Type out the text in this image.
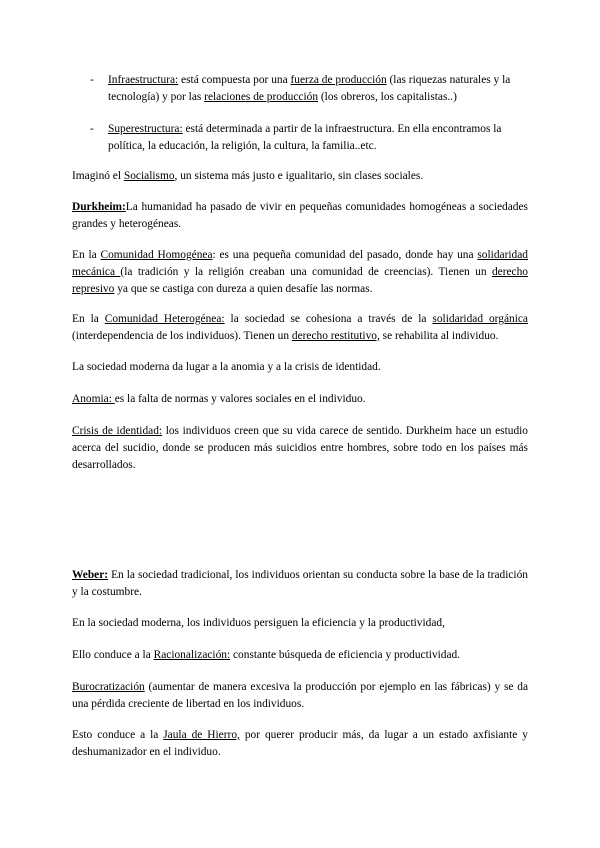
- Infraestructura: está compuesta por una fuerza de producción (las riquezas naturales y la tecnología) y por las relaciones de producción (los obreros, los capitalistas..)
- Superestructura: está determinada a partir de la infraestructura. En ella encontramos la política, la educación, la religión, la cultura, la familia..etc.
Imaginó el Socialismo, un sistema más justo e igualitario, sin clases sociales.
Durkheim:La humanidad ha pasado de vivir en pequeñas comunidades homogéneas a sociedades grandes y heterogéneas.
En la Comunidad Homogénea: es una pequeña comunidad del pasado, donde hay una solidaridad mecánica (la tradición y la religión creaban una comunidad de creencias). Tienen un derecho represivo ya que se castiga con dureza a quien desafíe las normas.
En la Comunidad Heterogénea: la sociedad se cohesiona a través de la solidaridad orgánica (interdependencia de los individuos). Tienen un derecho restitutivo, se rehabilita al individuo.
La sociedad moderna da lugar a la anomia y a la crisis de identidad.
Anomia: es la falta de normas y valores sociales en el individuo.
Crisis de identidad: los individuos creen que su vida carece de sentido. Durkheim hace un estudio acerca del sucidio, donde se producen más suicidios entre hombres, sobre todo en los países más desarrollados.
Weber: En la sociedad tradicional, los individuos orientan su conducta sobre la base de la tradición y la costumbre.
En la sociedad moderna, los individuos persiguen la eficiencia y la productividad,
Ello conduce a la Racionalización: constante búsqueda de eficiencia y productividad.
Burocratización (aumentar de manera excesiva la producción por ejemplo en las fábricas) y se da una pérdida creciente de libertad en los individuos.
Esto conduce a la Jaula de Hierro, por querer producir más, da lugar a un estado axfisiante y deshumanizador en el individuo.
